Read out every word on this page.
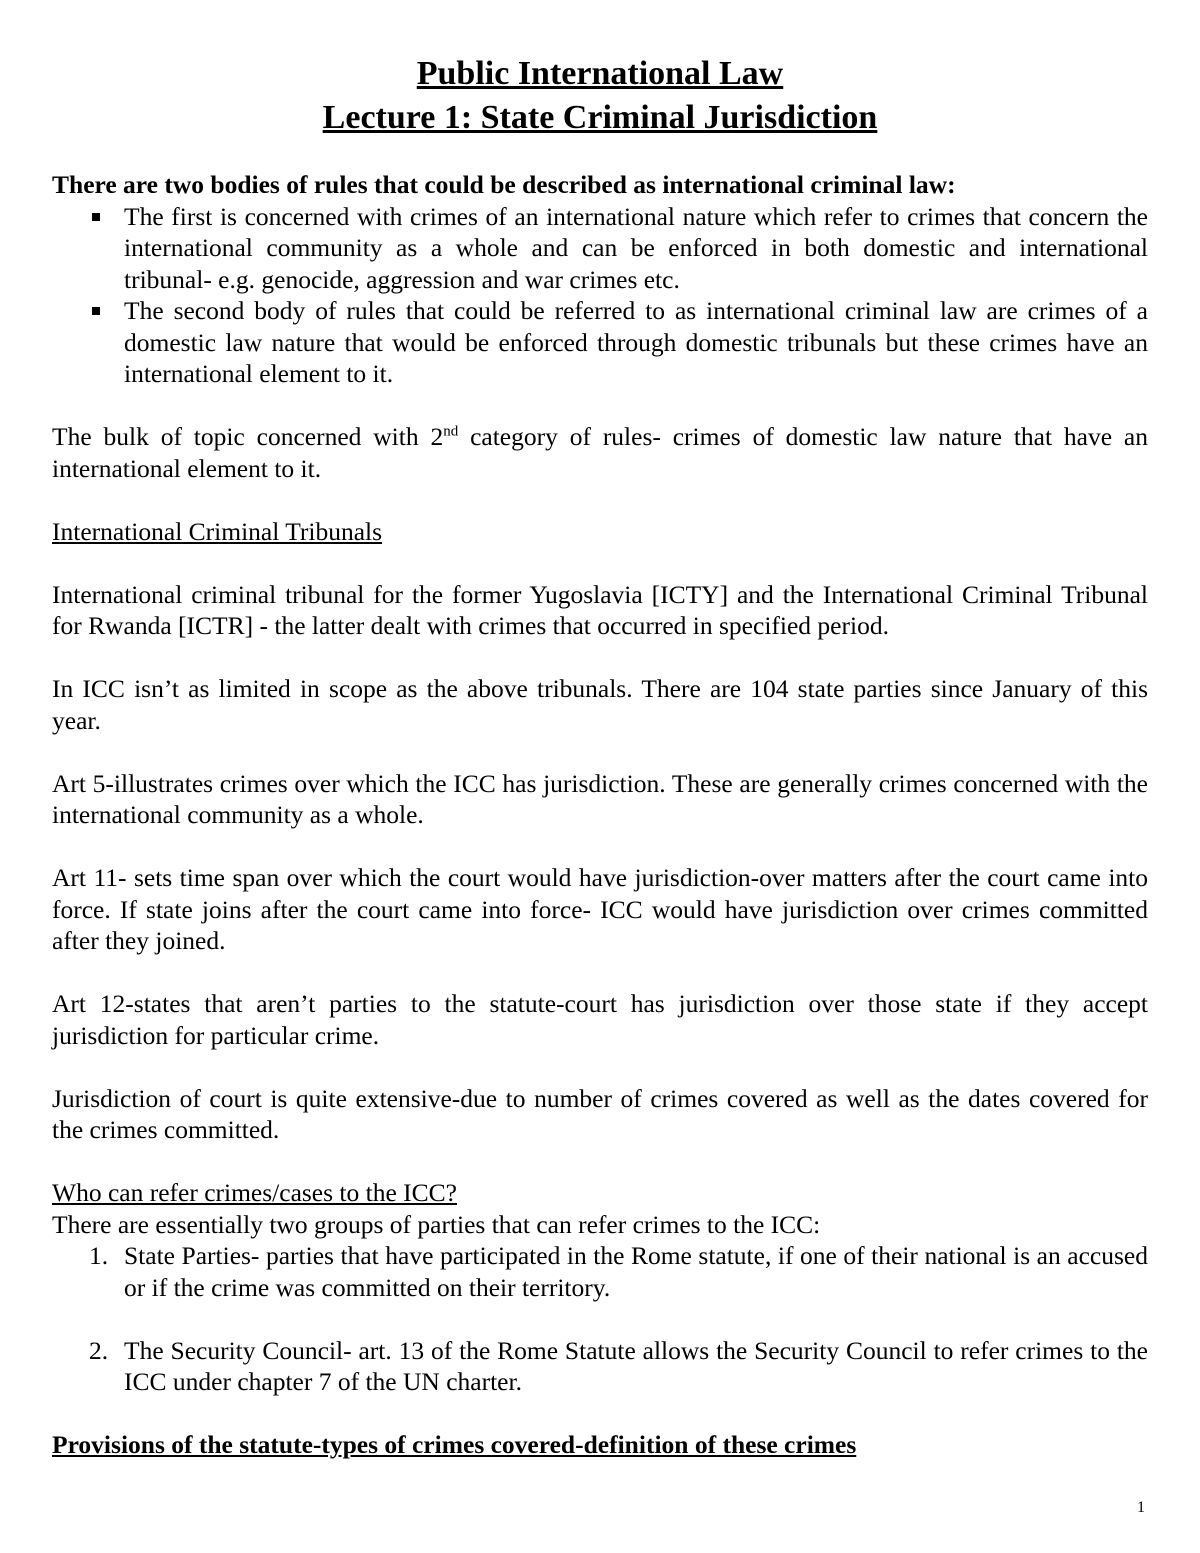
Public International Law
Lecture 1: State Criminal Jurisdiction

There are two bodies of rules that could be described as international criminal law:

The first is concerned with crimes of an international nature which refer to crimes that concern the international community as a whole and can be enforced in both domestic and international tribunal- e.g. genocide, aggression and war crimes etc.
The second body of rules that could be referred to as international criminal law are crimes of a domestic law nature that would be enforced through domestic tribunals but these crimes have an international element to it.

The bulk of topic concerned with 2nd category of rules- crimes of domestic law nature that have an international element to it.

International Criminal Tribunals

International criminal tribunal for the former Yugoslavia [ICTY] and the International Criminal Tribunal for Rwanda [ICTR] - the latter dealt with crimes that occurred in specified period.

In ICC isn’t as limited in scope as the above tribunals. There are 104 state parties since January of this year.

Art 5-illustrates crimes over which the ICC has jurisdiction. These are generally crimes concerned with the international community as a whole.

Art 11- sets time span over which the court would have jurisdiction-over matters after the court came into force. If state joins after the court came into force- ICC would have jurisdiction over crimes committed after they joined.

Art 12-states that aren’t parties to the statute-court has jurisdiction over those state if they accept jurisdiction for particular crime.

Jurisdiction of court is quite extensive-due to number of crimes covered as well as the dates covered for the crimes committed.

Who can refer crimes/cases to the ICC?

There are essentially two groups of parties that can refer crimes to the ICC:

1. State Parties- parties that have participated in the Rome statute, if one of their national is an accused or if the crime was committed on their territory.
2. The Security Council- art. 13 of the Rome Statute allows the Security Council to refer crimes to the ICC under chapter 7 of the UN charter.

Provisions of the statute-types of crimes covered-definition of these crimes

1
